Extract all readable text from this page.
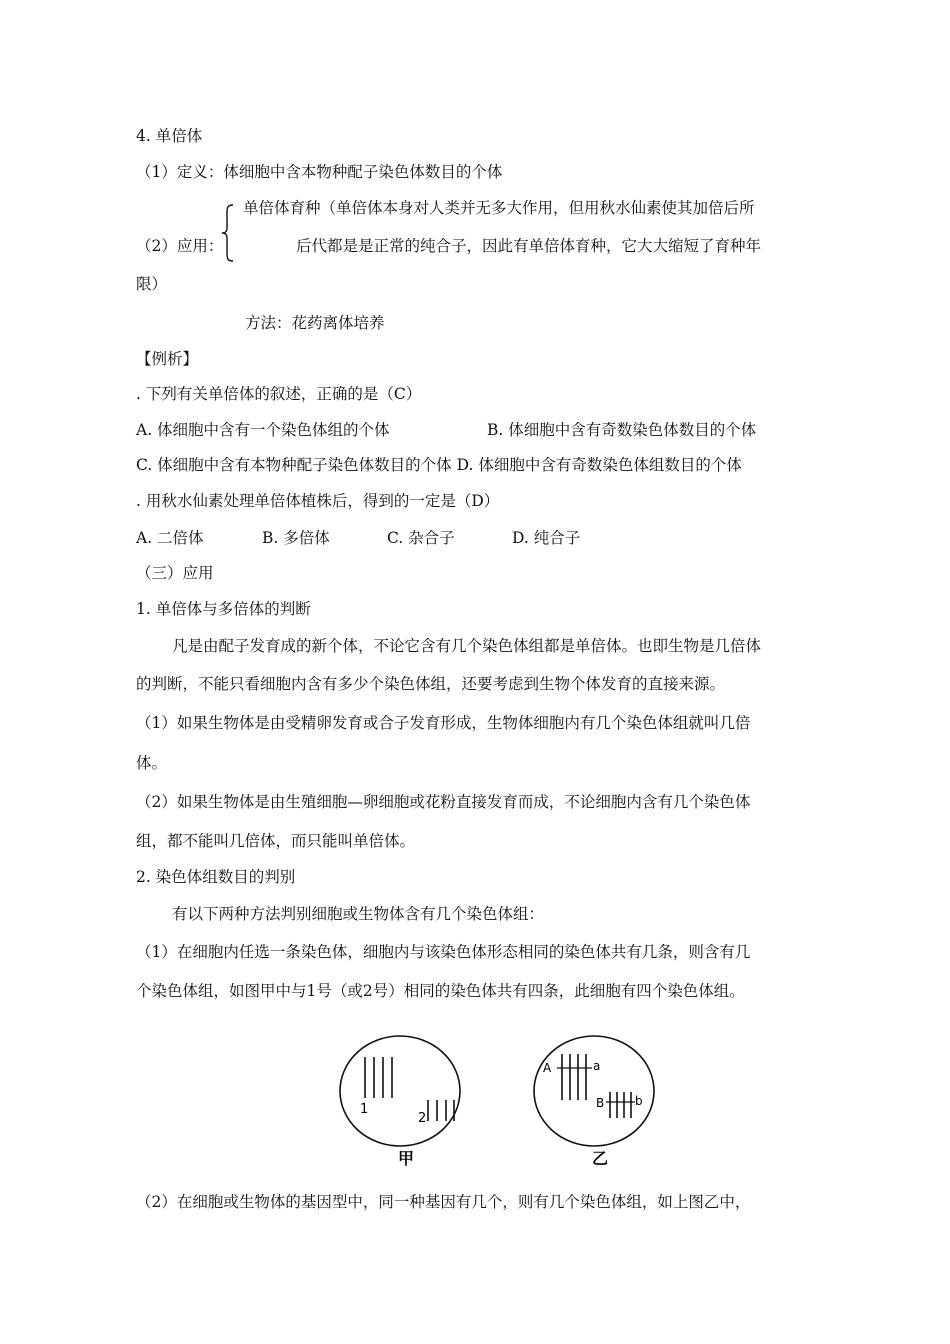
4. 单倍体
（1）定义：体细胞中含本物种配子染色体数目的个体
单倍体育种（单倍体本身对人类并无多大作用，但用秋水仙素使其加倍后所
（2）应用：	后代都是是正常的纯合子，因此有单倍体育种，它大大缩短了育种年
限）
方法：花药离体培养
【例析】
. 下列有关单倍体的叙述，正确的是（C）
A. 体细胞中含有一个染色体组的个体	B. 体细胞中含有奇数染色体数目的个体
C. 体细胞中含有本物种配子染色体数目的个体 D. 体细胞中含有奇数染色体组数目的个体
. 用秋水仙素处理单倍体植株后，得到的一定是（D）
A. 二倍体	B. 多倍体	C. 杂合子	D. 纯合子
（三）应用
1. 单倍体与多倍体的判断
凡是由配子发育成的新个体，不论它含有几个染色体组都是单倍体。也即生物是几倍体
的判断，不能只看细胞内含有多少个染色体组，还要考虑到生物个体发育的直接来源。
（1）如果生物体是由受精卵发育或合子发育形成，生物体细胞内有几个染色体组就叫几倍
体。
（2）如果生物体是由生殖细胞—卵细胞或花粉直接发育而成，不论细胞内含有几个染色体
组，都不能叫几倍体，而只能叫单倍体。
2. 染色体组数目的判别
有以下两种方法判别细胞或生物体含有几个染色体组：
（1）在细胞内任选一条染色体，细胞内与该染色体形态相同的染色体共有几条，则含有几
个染色体组，如图甲中与1号（或2号）相同的染色体共有四条，此细胞有四个染色体组。
1
2
甲
A	a
B	b
乙
（2）在细胞或生物体的基因型中，同一种基因有几个，则有几个染色体组，如上图乙中，
